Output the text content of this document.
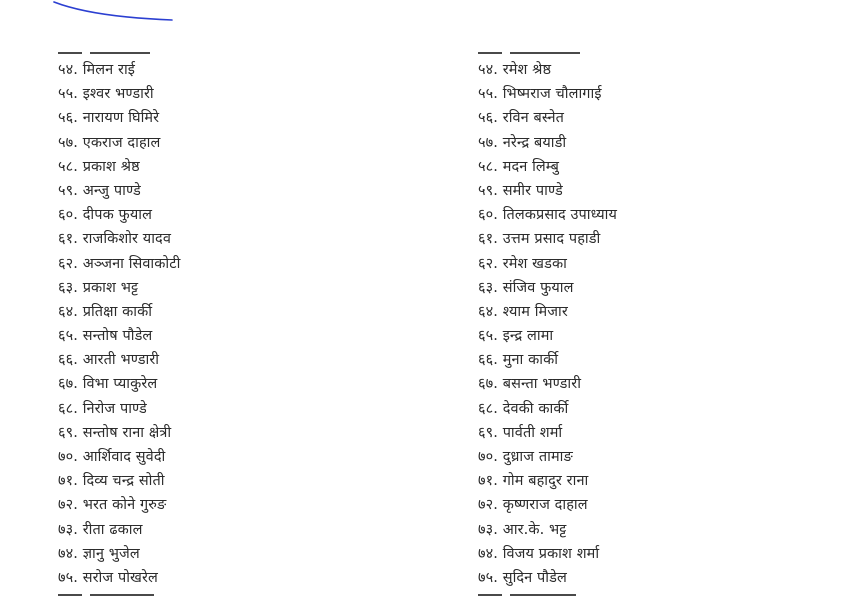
५४. मिलन राई
५५. इश्वर भण्डारी
५६. नारायण घिमिरे
५७. एकराज दाहाल
५८. प्रकाश श्रेष्ठ
५९. अन्जु पाण्डे
६०. दीपक फुयाल
६१. राजकिशोर यादव
६२. अञ्जना सिवाकोटी
६३. प्रकाश भट्ट
६४. प्रतिक्षा कार्की
६५. सन्तोष पौडेल
६६. आरती भण्डारी
६७. विभा प्याकुरेल
६८. निरोज पाण्डे
६९. सन्तोष राना क्षेत्री
७०. आर्शिवाद सुवेदी
७१. दिव्य चन्द्र सोती
७२. भरत कोने गुरुङ
७३. रीता ढकाल
७४. ज्ञानु भुजेल
७५. सरोज पोखरेल
५४. रमेश श्रेष्ठ
५५. भिष्मराज चौलागाई
५६. रविन बस्नेत
५७. नरेन्द्र बयाडी
५८. मदन लिम्बु
५९. समीर पाण्डे
६०. तिलकप्रसाद उपाध्याय
६१. उत्तम प्रसाद पहाडी
६२. रमेश खडका
६३. संजिव फुयाल
६४. श्याम मिजार
६५. इन्द्र लामा
६६. मुना कार्की
६७. बसन्ता भण्डारी
६८. देवकी कार्की
६९. पार्वती शर्मा
७०. दुध्राज तामाङ
७१. गोम बहादुर राना
७२. कृष्णराज दाहाल
७३. आर.के. भट्ट
७४. विजय प्रकाश शर्मा
७५. सुदिन पौडेल
